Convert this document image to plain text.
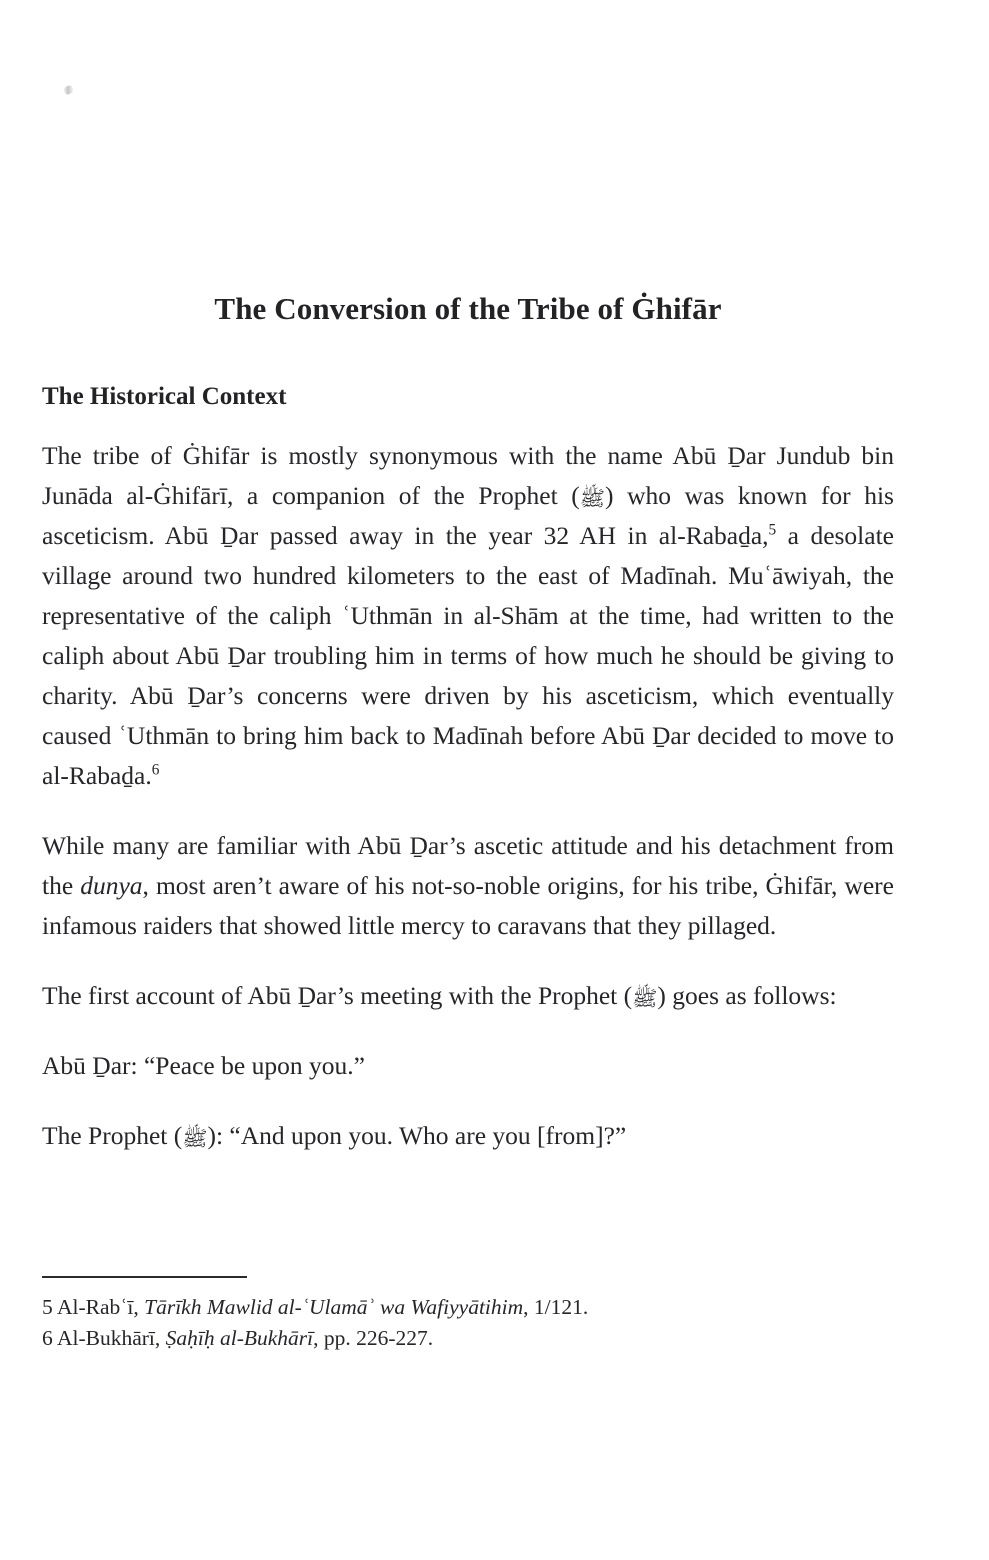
The Conversion of the Tribe of Ġhifār
The Historical Context

The tribe of Ġhifār is mostly synonymous with the name Abū Ḏar Jundub bin Junāda al-Ġhifārī, a companion of the Prophet (ﷺ) who was known for his asceticism. Abū Ḏar passed away in the year 32 AH in al-Rabaḏa,$^5$ a desolate village around two hundred kilometers to the east of Madīnah. Muʿāwiyah, the representative of the caliph ʿUthmān in al-Shām at the time, had written to the caliph about Abū Ḏar troubling him in terms of how much he should be giving to charity. Abū Ḏar’s concerns were driven by his asceticism, which eventually caused ʿUthmān to bring him back to Madīnah before Abū Ḏar decided to move to al-Rabaḏa.$^6$

While many are familiar with Abū Ḏar’s ascetic attitude and his detachment from the dunya, most aren’t aware of his not-so-noble origins, for his tribe, Ġhifār, were infamous raiders that showed little mercy to caravans that they pillaged.

The first account of Abū Ḏar’s meeting with the Prophet (ﷺ) goes as follows:

Abū Ḏar: “Peace be upon you.”

The Prophet (ﷺ): “And upon you. Who are you [from]?”

5 Al-Rabʿī, Tārīkh Mawlid al-ʿUlamāʾ wa Wafiyyātihim, 1/121.

6 Al-Bukhārī, Ṣaḥīḥ al-Bukhārī, pp. 226-227.
